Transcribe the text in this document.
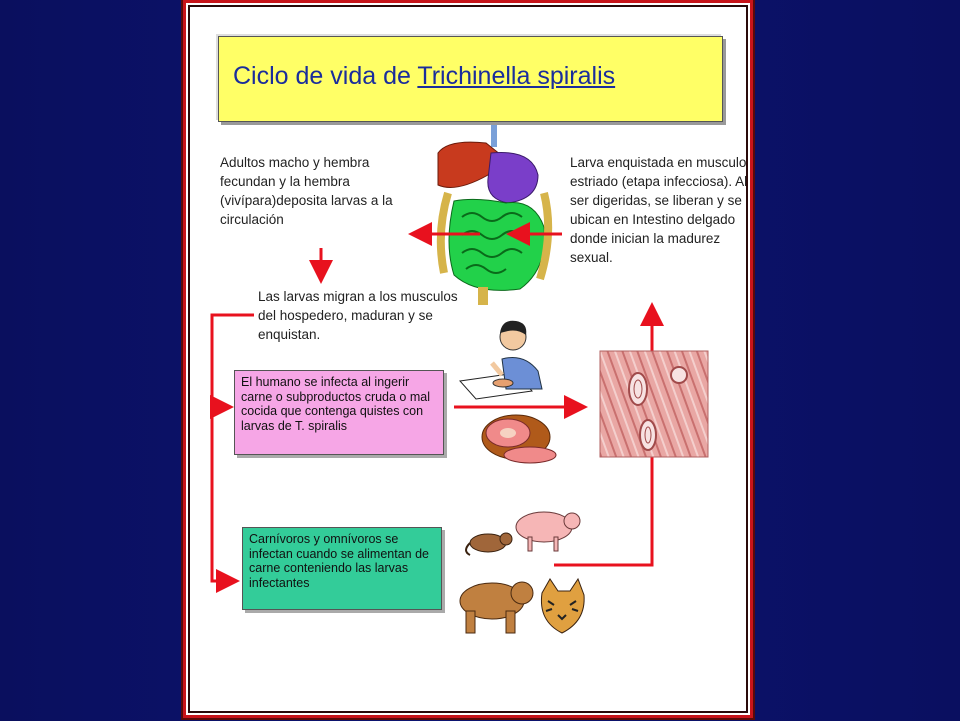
Ciclo de vida de Trichinella spiralis
Adultos macho y hembra fecundan y la hembra (vivípara)deposita larvas a la circulación
Larva enquistada en musculo estriado (etapa infecciosa). Al ser digeridas, se liberan y se ubican en Intestino delgado donde inician la madurez sexual.
Las larvas migran a los musculos del hospedero, maduran y se enquistan.
El humano se infecta al ingerir carne o subproductos cruda o mal cocida que contenga quistes con larvas de T. spiralis
Carnívoros y omnívoros se infectan cuando se alimentan de carne conteniendo las larvas infectantes
